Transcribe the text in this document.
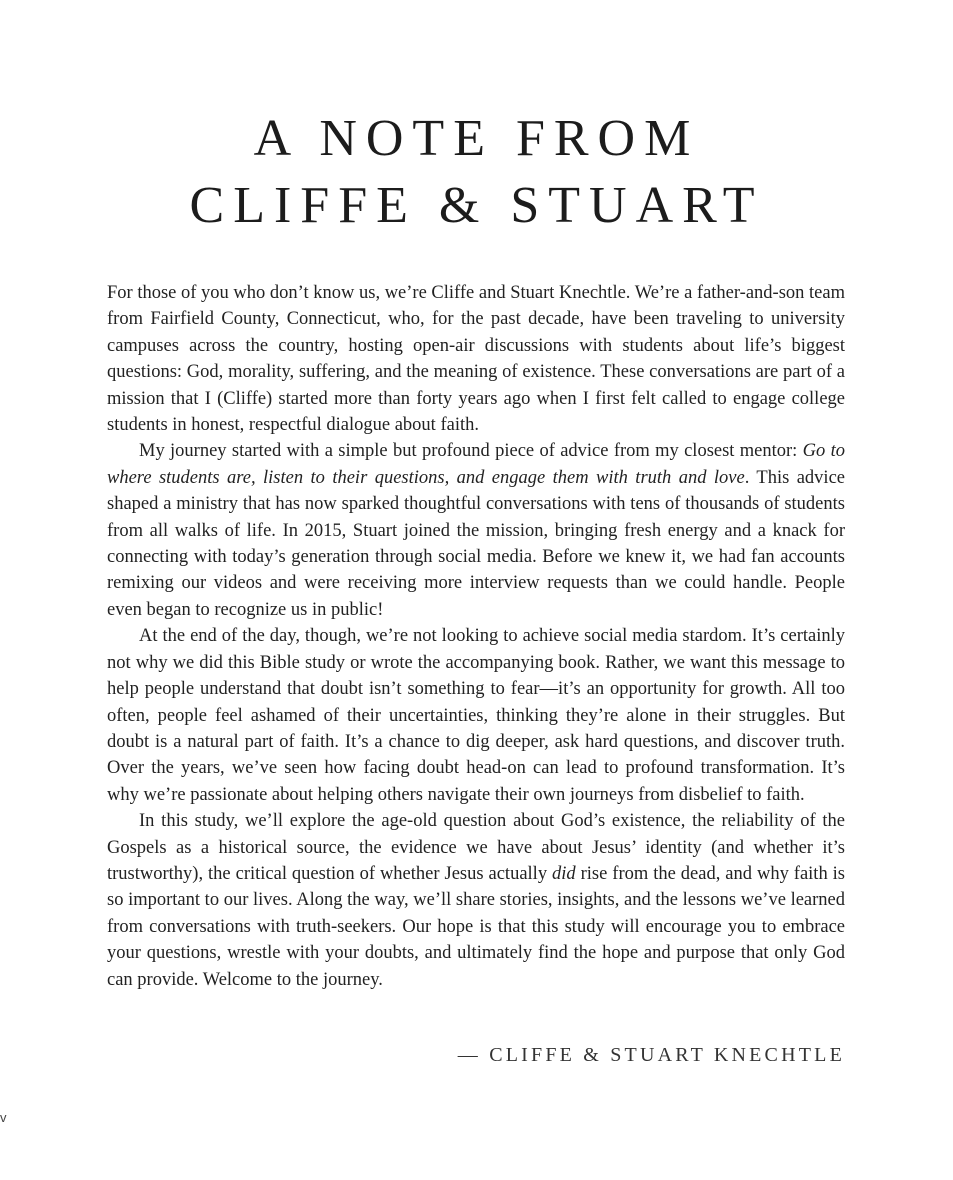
A NOTE FROM
CLIFFE & STUART

For those of you who don’t know us, we’re Cliffe and Stuart Knechtle. We’re a father-and-son team from Fairfield County, Connecticut, who, for the past decade, have been traveling to university campuses across the country, hosting open-air discussions with students about life’s biggest questions: God, morality, suffering, and the meaning of existence. These conversations are part of a mission that I (Cliffe) started more than forty years ago when I first felt called to engage college students in honest, respectful dialogue about faith.

My journey started with a simple but profound piece of advice from my closest mentor: Go to where students are, listen to their questions, and engage them with truth and love. This advice shaped a ministry that has now sparked thoughtful conversations with tens of thousands of students from all walks of life. In 2015, Stuart joined the mission, bringing fresh energy and a knack for connecting with today’s generation through social media. Before we knew it, we had fan accounts remixing our videos and were receiving more interview requests than we could handle. People even began to recognize us in public!

At the end of the day, though, we’re not looking to achieve social media stardom. It’s certainly not why we did this Bible study or wrote the accompanying book. Rather, we want this message to help people understand that doubt isn’t something to fear—it’s an opportunity for growth. All too often, people feel ashamed of their uncertainties, thinking they’re alone in their struggles. But doubt is a natural part of faith. It’s a chance to dig deeper, ask hard questions, and discover truth. Over the years, we’ve seen how facing doubt head-on can lead to profound transformation. It’s why we’re passionate about helping others navigate their own journeys from disbelief to faith.

In this study, we’ll explore the age-old question about God’s existence, the reliability of the Gospels as a historical source, the evidence we have about Jesus’ identity (and whether it’s trustworthy), the critical question of whether Jesus actually did rise from the dead, and why faith is so important to our lives. Along the way, we’ll share stories, insights, and the lessons we’ve learned from conversations with truth-seekers. Our hope is that this study will encourage you to embrace your questions, wrestle with your doubts, and ultimately find the hope and purpose that only God can provide. Welcome to the journey.

— CLIFFE & STUART KNECHTLE
v
